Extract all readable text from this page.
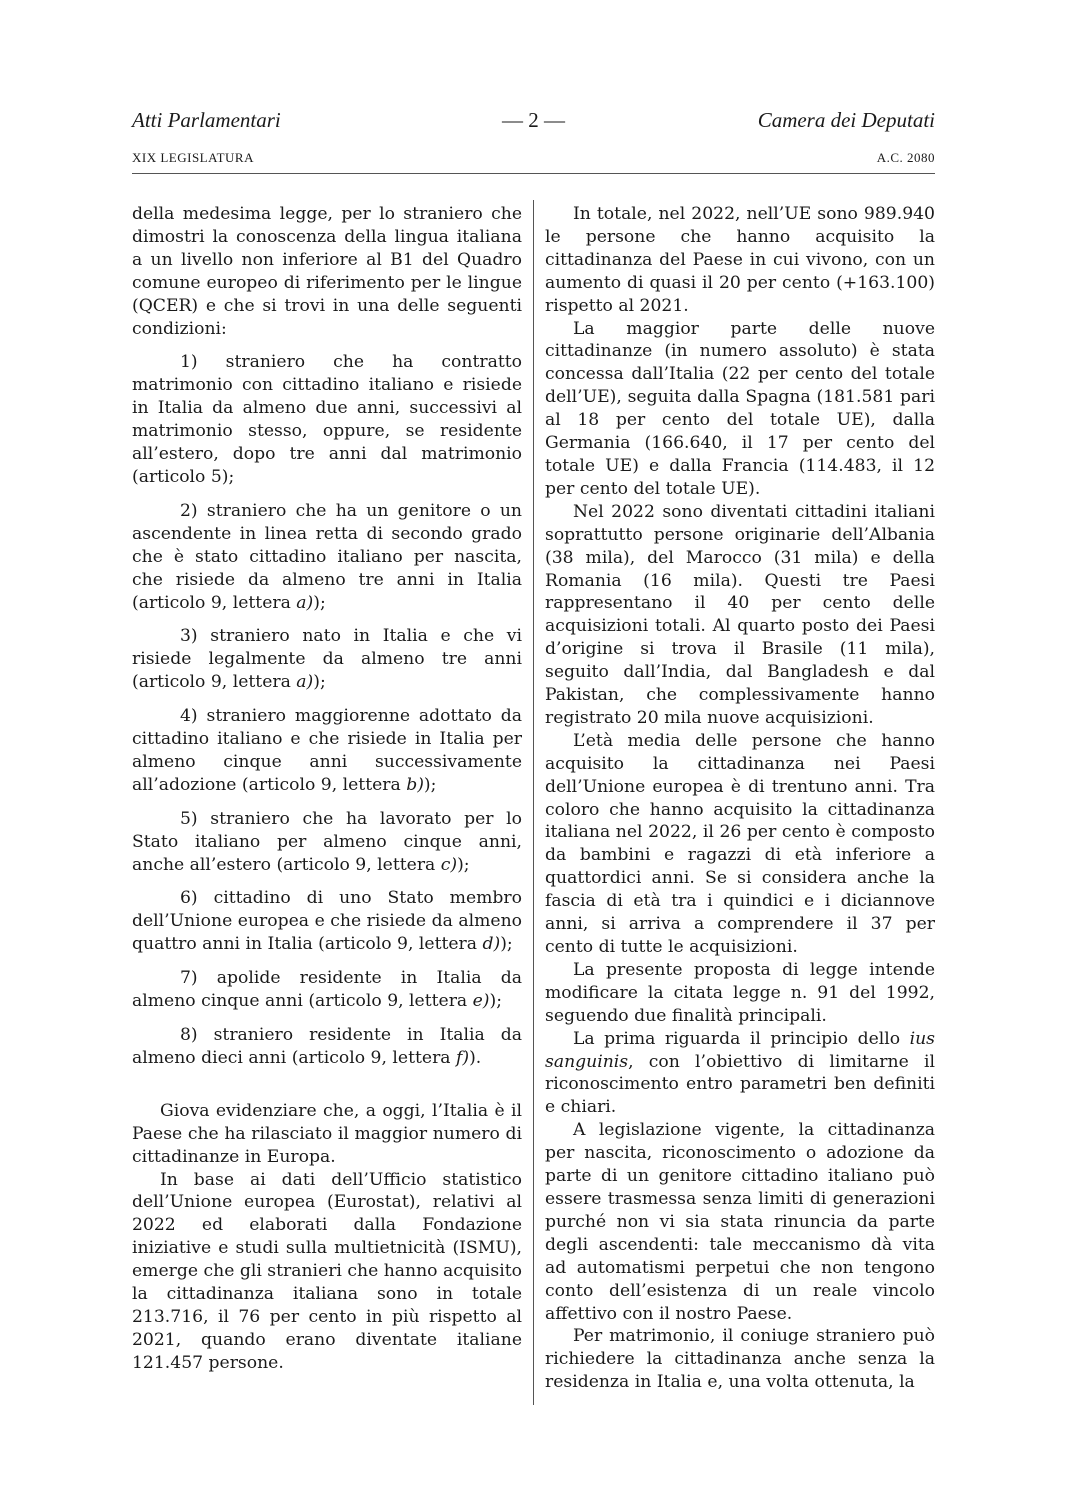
Atti Parlamentari	— 2 —	Camera dei Deputati
XIX LEGISLATURA	A.C. 2080

della medesima legge, per lo straniero che dimostri la conoscenza della lingua italiana a un livello non inferiore al B1 del Quadro comune europeo di riferimento per le lingue (QCER) e che si trovi in una delle seguenti condizioni:

1) straniero che ha contratto matrimonio con cittadino italiano e risiede in Italia da almeno due anni, successivi al matrimonio stesso, oppure, se residente all’estero, dopo tre anni dal matrimonio (articolo 5);

2) straniero che ha un genitore o un ascendente in linea retta di secondo grado che è stato cittadino italiano per nascita, che risiede da almeno tre anni in Italia (articolo 9, lettera a));

3) straniero nato in Italia e che vi risiede legalmente da almeno tre anni (articolo 9, lettera a));

4) straniero maggiorenne adottato da cittadino italiano e che risiede in Italia per almeno cinque anni successivamente all’adozione (articolo 9, lettera b));

5) straniero che ha lavorato per lo Stato italiano per almeno cinque anni, anche all’estero (articolo 9, lettera c));

6) cittadino di uno Stato membro dell’Unione europea e che risiede da almeno quattro anni in Italia (articolo 9, lettera d));

7) apolide residente in Italia da almeno cinque anni (articolo 9, lettera e));

8) straniero residente in Italia da almeno dieci anni (articolo 9, lettera f)).

Giova evidenziare che, a oggi, l’Italia è il Paese che ha rilasciato il maggior numero di cittadinanze in Europa.

In base ai dati dell’Ufficio statistico dell’Unione europea (Eurostat), relativi al 2022 ed elaborati dalla Fondazione iniziative e studi sulla multietnicità (ISMU), emerge che gli stranieri che hanno acquisito la cittadinanza italiana sono in totale 213.716, il 76 per cento in più rispetto al 2021, quando erano diventate italiane 121.457 persone.

In totale, nel 2022, nell’UE sono 989.940 le persone che hanno acquisito la cittadinanza del Paese in cui vivono, con un aumento di quasi il 20 per cento (+163.100) rispetto al 2021.

La maggior parte delle nuove cittadinanze (in numero assoluto) è stata concessa dall’Italia (22 per cento del totale dell’UE), seguita dalla Spagna (181.581 pari al 18 per cento del totale UE), dalla Germania (166.640, il 17 per cento del totale UE) e dalla Francia (114.483, il 12 per cento del totale UE).

Nel 2022 sono diventati cittadini italiani soprattutto persone originarie dell’Albania (38 mila), del Marocco (31 mila) e della Romania (16 mila). Questi tre Paesi rappresentano il 40 per cento delle acquisizioni totali. Al quarto posto dei Paesi d’origine si trova il Brasile (11 mila), seguito dall’India, dal Bangladesh e dal Pakistan, che complessivamente hanno registrato 20 mila nuove acquisizioni.

L’età media delle persone che hanno acquisito la cittadinanza nei Paesi dell’Unione europea è di trentuno anni. Tra coloro che hanno acquisito la cittadinanza italiana nel 2022, il 26 per cento è composto da bambini e ragazzi di età inferiore a quattordici anni. Se si considera anche la fascia di età tra i quindici e i diciannove anni, si arriva a comprendere il 37 per cento di tutte le acquisizioni.

La presente proposta di legge intende modificare la citata legge n. 91 del 1992, seguendo due finalità principali.

La prima riguarda il principio dello ius sanguinis, con l’obiettivo di limitarne il riconoscimento entro parametri ben definiti e chiari.

A legislazione vigente, la cittadinanza per nascita, riconoscimento o adozione da parte di un genitore cittadino italiano può essere trasmessa senza limiti di generazioni purché non vi sia stata rinuncia da parte degli ascendenti: tale meccanismo dà vita ad automatismi perpetui che non tengono conto dell’esistenza di un reale vincolo affettivo con il nostro Paese.

Per matrimonio, il coniuge straniero può richiedere la cittadinanza anche senza la residenza in Italia e, una volta ottenuta, la
